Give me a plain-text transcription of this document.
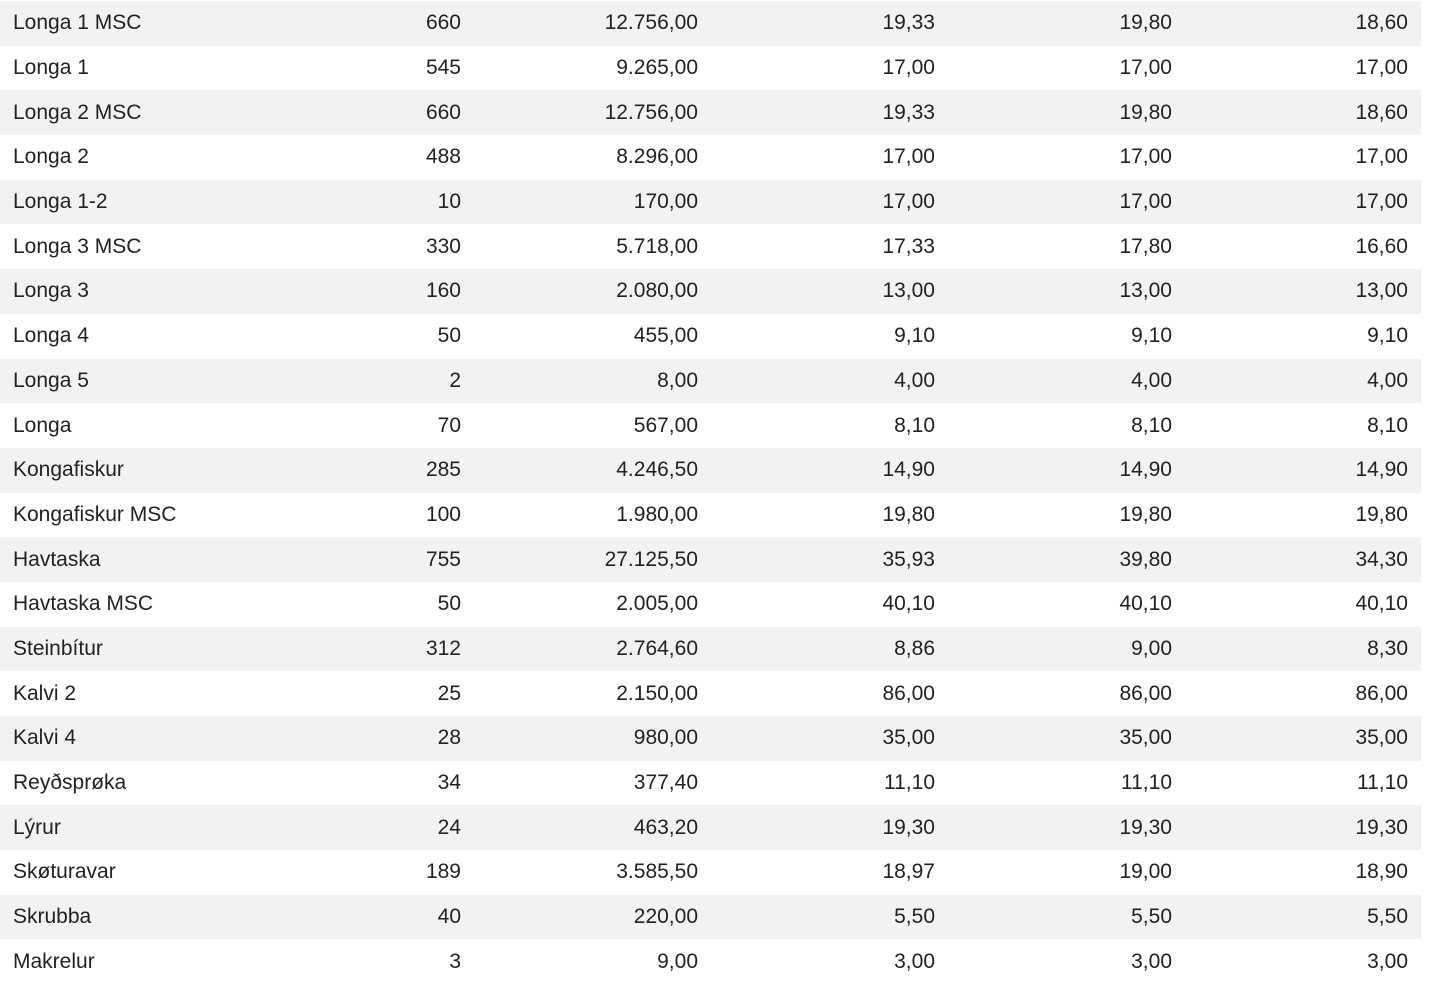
Longa 1 MSC	660	12.756,00	19,33	19,80	18,60
Longa 1	545	9.265,00	17,00	17,00	17,00
Longa 2 MSC	660	12.756,00	19,33	19,80	18,60
Longa 2	488	8.296,00	17,00	17,00	17,00
Longa 1-2	10	170,00	17,00	17,00	17,00
Longa 3 MSC	330	5.718,00	17,33	17,80	16,60
Longa 3	160	2.080,00	13,00	13,00	13,00
Longa 4	50	455,00	9,10	9,10	9,10
Longa 5	2	8,00	4,00	4,00	4,00
Longa	70	567,00	8,10	8,10	8,10
Kongafiskur	285	4.246,50	14,90	14,90	14,90
Kongafiskur MSC	100	1.980,00	19,80	19,80	19,80
Havtaska	755	27.125,50	35,93	39,80	34,30
Havtaska MSC	50	2.005,00	40,10	40,10	40,10
Steinbítur	312	2.764,60	8,86	9,00	8,30
Kalvi 2	25	2.150,00	86,00	86,00	86,00
Kalvi 4	28	980,00	35,00	35,00	35,00
Reyðsprøka	34	377,40	11,10	11,10	11,10
Lýrur	24	463,20	19,30	19,30	19,30
Skøturavar	189	3.585,50	18,97	19,00	18,90
Skrubba	40	220,00	5,50	5,50	5,50
Makrelur	3	9,00	3,00	3,00	3,00
